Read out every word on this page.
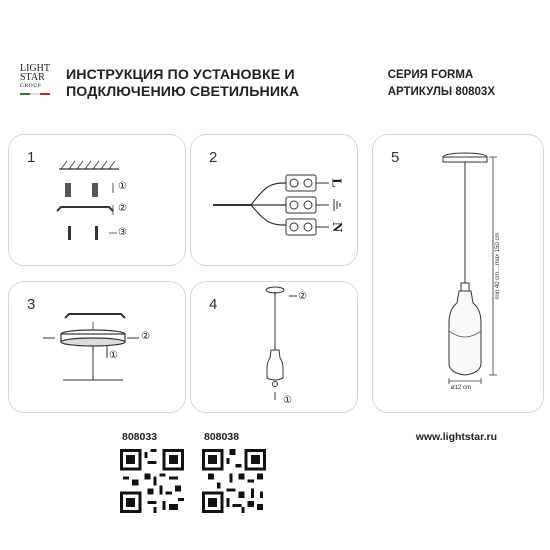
LIGHT
STAR
GROUP
ИНСТРУКЦИЯ ПО УСТАНОВКЕ И
ПОДКЛЮЧЕНИЮ СВЕТИЛЬНИКА
СЕРИЯ FORMA
АРТИКУЛЫ 80803X
1
①
②
③
2
L
N
3
①
②
4	②
①
5
min 40 cm....max 150 cm
ø12 cm
808033	808038	www.lightstar.ru
